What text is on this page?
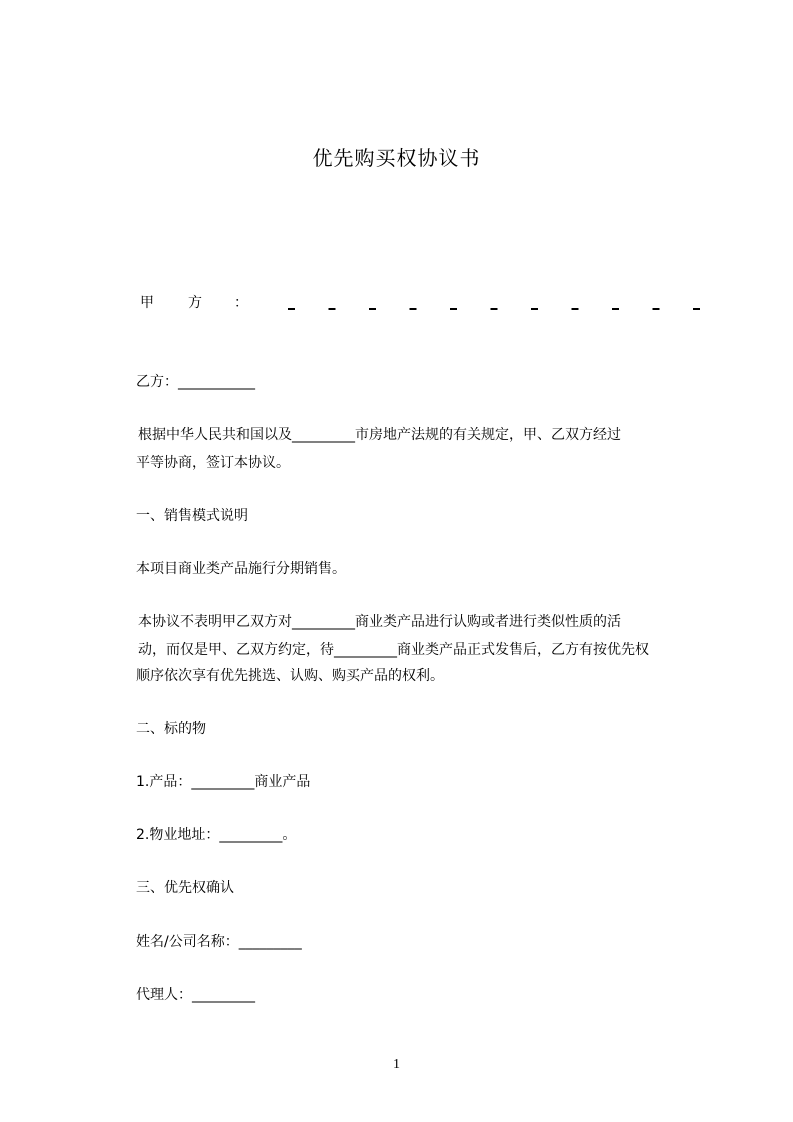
优先购买权协议书
甲 方 ：
乙方：___________
根据中华人民共和国以及_________市房地产法规的有关规定，甲、乙双方经过
平等协商，签订本协议。
一、销售模式说明
本项目商业类产品施行分期销售。
本协议不表明甲乙双方对_________商业类产品进行认购或者进行类似性质的活
动，而仅是甲、乙双方约定，待_________商业类产品正式发售后，乙方有按优先权
顺序依次享有优先挑选、认购、购买产品的权利。
二、标的物
1.产品：_________商业产品
2.物业地址：_________。
三、优先权确认
姓名/公司名称：_________
代理人：_________
1
